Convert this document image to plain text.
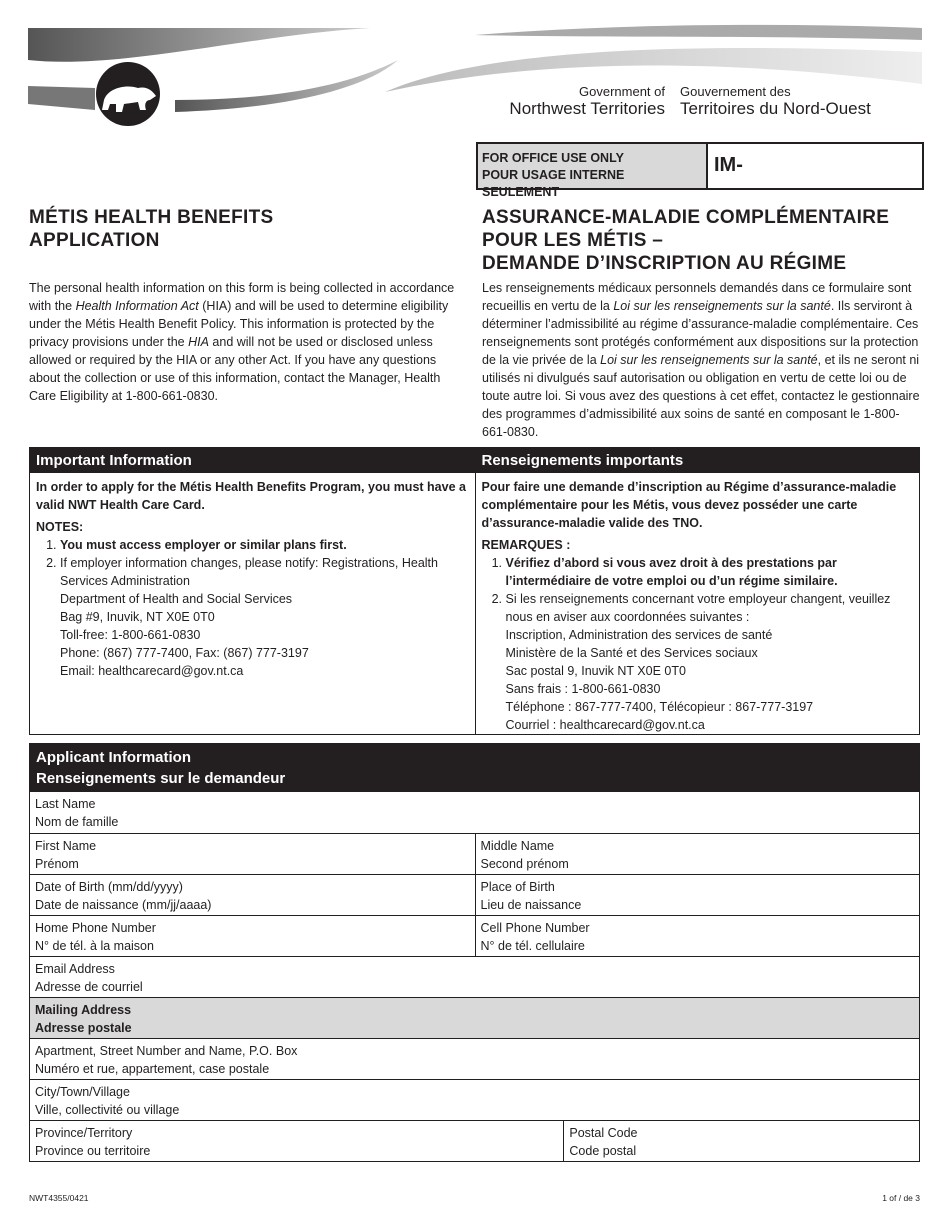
Government of
Northwest Territories
Gouvernement des
Territoires du Nord-Ouest
FOR OFFICE USE ONLY
POUR USAGE INTERNE SEULEMENT
IM-
MÉTIS HEALTH BENEFITS
APPLICATION
ASSURANCE-MALADIE COMPLÉMENTAIRE
POUR LES MÉTIS –
DEMANDE D’INSCRIPTION AU RÉGIME
The personal health information on this form is being collected in accordance with the Health Information Act (HIA) and will be used to determine eligibility under the Métis Health Benefit Policy. This information is protected by the privacy provisions under the HIA and will not be used or disclosed unless allowed or required by the HIA or any other Act. If you have any questions about the collection or use of this information, contact the Manager, Health Care Eligibility at 1-800-661-0830.
Les renseignements médicaux personnels demandés dans ce formulaire sont recueillis en vertu de la Loi sur les renseignements sur la santé. Ils serviront à déterminer l’admissibilité au régime d’assurance-maladie complémentaire. Ces renseignements sont protégés conformément aux dispositions sur la protection de la vie privée de la Loi sur les renseignements sur la santé, et ils ne seront ni utilisés ni divulgués sauf autorisation ou obligation en vertu de cette loi ou de toute autre loi. Si vous avez des questions à cet effet, contactez le gestionnaire des programmes d’admissibilité aux soins de santé en composant le 1-800-661-0830.
Important Information

In order to apply for the Métis Health Benefits Program, you must have a valid NWT Health Care Card.

NOTES:
1. You must access employer or similar plans first.
2. If employer information changes, please notify: Registrations, Health Services Administration
Department of Health and Social Services
Bag #9, Inuvik, NT X0E 0T0
Toll-free: 1-800-661-0830
Phone: (867) 777-7400, Fax: (867) 777-3197
Email: healthcarecard@gov.nt.ca
Renseignements importants

Pour faire une demande d’inscription au Régime d’assurance-maladie complémentaire pour les Métis, vous devez posséder une carte d’assurance-maladie valide des TNO.

REMARQUES :
1. Vérifiez d’abord si vous avez droit à des prestations par l’intermédiaire de votre emploi ou d’un régime similaire.
2. Si les renseignements concernant votre employeur changent, veuillez nous en aviser aux coordonnées suivantes :
Inscription, Administration des services de santé
Ministère de la Santé et des Services sociaux
Sac postal 9, Inuvik NT X0E 0T0
Sans frais : 1-800-661-0830
Téléphone : 867-777-7400, Télécopieur : 867-777-3197
Courriel : healthcarecard@gov.nt.ca
Applicant Information
Renseignements sur le demandeur
Last Name
Nom de famille
First Name
Prénom
Middle Name
Second prénom
Date of Birth (mm/dd/yyyy)
Date de naissance (mm/jj/aaaa)
Place of Birth
Lieu de naissance
Home Phone Number
N° de tél. à la maison
Cell Phone Number
N° de tél. cellulaire
Email Address
Adresse de courriel
Mailing Address
Adresse postale
Apartment, Street Number and Name, P.O. Box
Numéro et rue, appartement, case postale
City/Town/Village
Ville, collectivité ou village
Province/Territory
Province ou territoire
Postal Code
Code postal
NWT4355/0421	1 of / de 3
